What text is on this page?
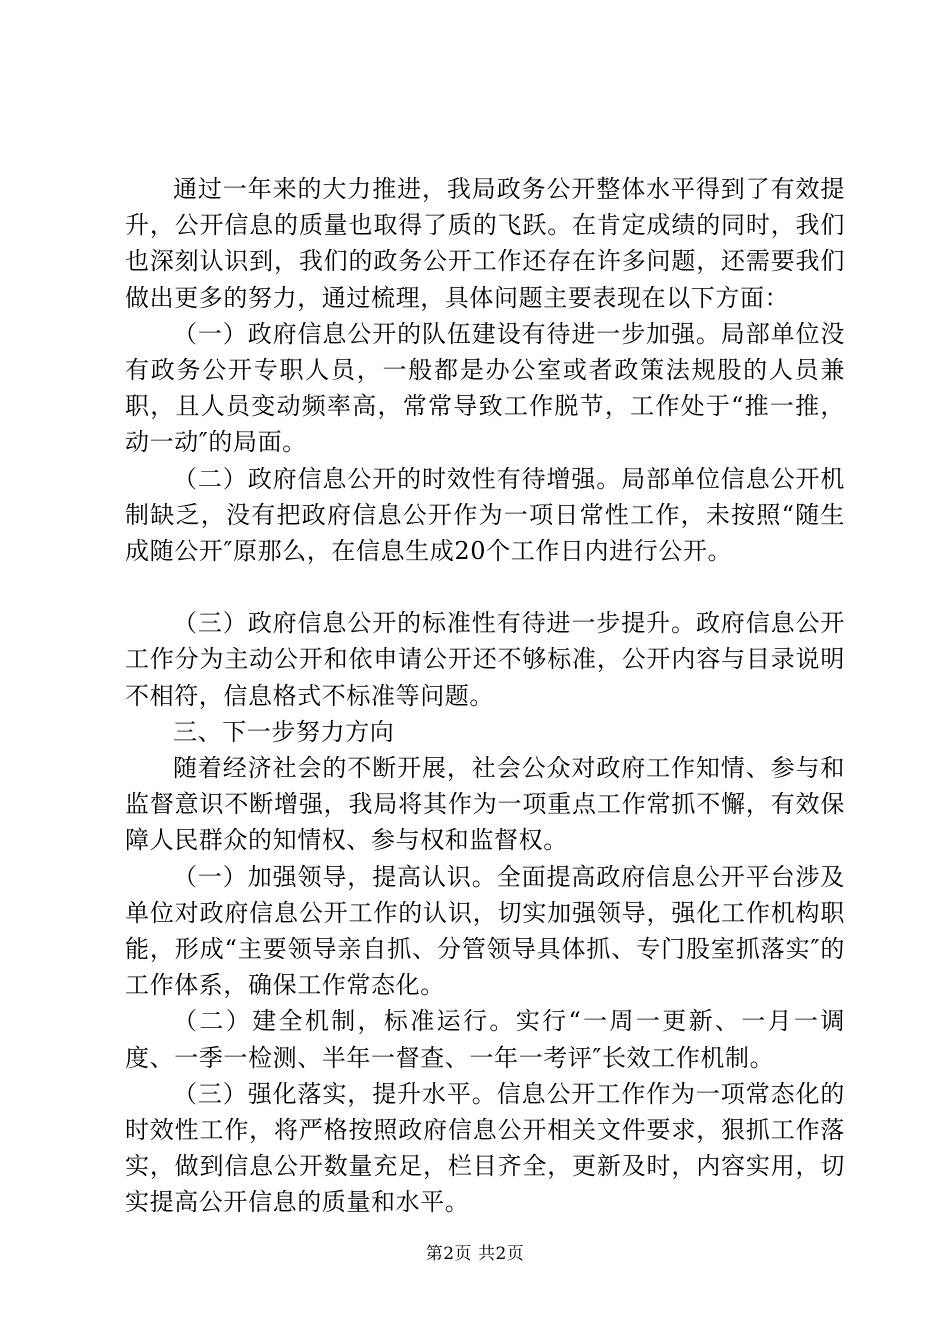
通过一年来的大力推进，我局政务公开整体水平得到了有效提升，公开信息的质量也取得了质的飞跃。在肯定成绩的同时，我们也深刻认识到，我们的政务公开工作还存在许多问题，还需要我们做出更多的努力，通过梳理，具体问题主要表现在以下方面：

（一）政府信息公开的队伍建设有待进一步加强。局部单位没有政务公开专职人员，一般都是办公室或者政策法规股的人员兼职，且人员变动频率高，常常导致工作脱节，工作处于“推一推，动一动″的局面。

（二）政府信息公开的时效性有待增强。局部单位信息公开机制缺乏，没有把政府信息公开作为一项日常性工作，未按照“随生成随公开″原那么，在信息生成20个工作日内进行公开。

（三）政府信息公开的标准性有待进一步提升。政府信息公开工作分为主动公开和依申请公开还不够标准，公开内容与目录说明不相符，信息格式不标准等问题。

三、下一步努力方向

随着经济社会的不断开展，社会公众对政府工作知情、参与和监督意识不断增强，我局将其作为一项重点工作常抓不懈，有效保障人民群众的知情权、参与权和监督权。

（一）加强领导，提高认识。全面提高政府信息公开平台涉及单位对政府信息公开工作的认识，切实加强领导，强化工作机构职能，形成“主要领导亲自抓、分管领导具体抓、专门股室抓落实″的工作体系，确保工作常态化。

（二）建全机制，标准运行。实行“一周一更新、一月一调度、一季一检测、半年一督查、一年一考评″长效工作机制。

（三）强化落实，提升水平。信息公开工作作为一项常态化的时效性工作，将严格按照政府信息公开相关文件要求，狠抓工作落实，做到信息公开数量充足，栏目齐全，更新及时，内容实用，切实提高公开信息的质量和水平。

第2页 共2页
